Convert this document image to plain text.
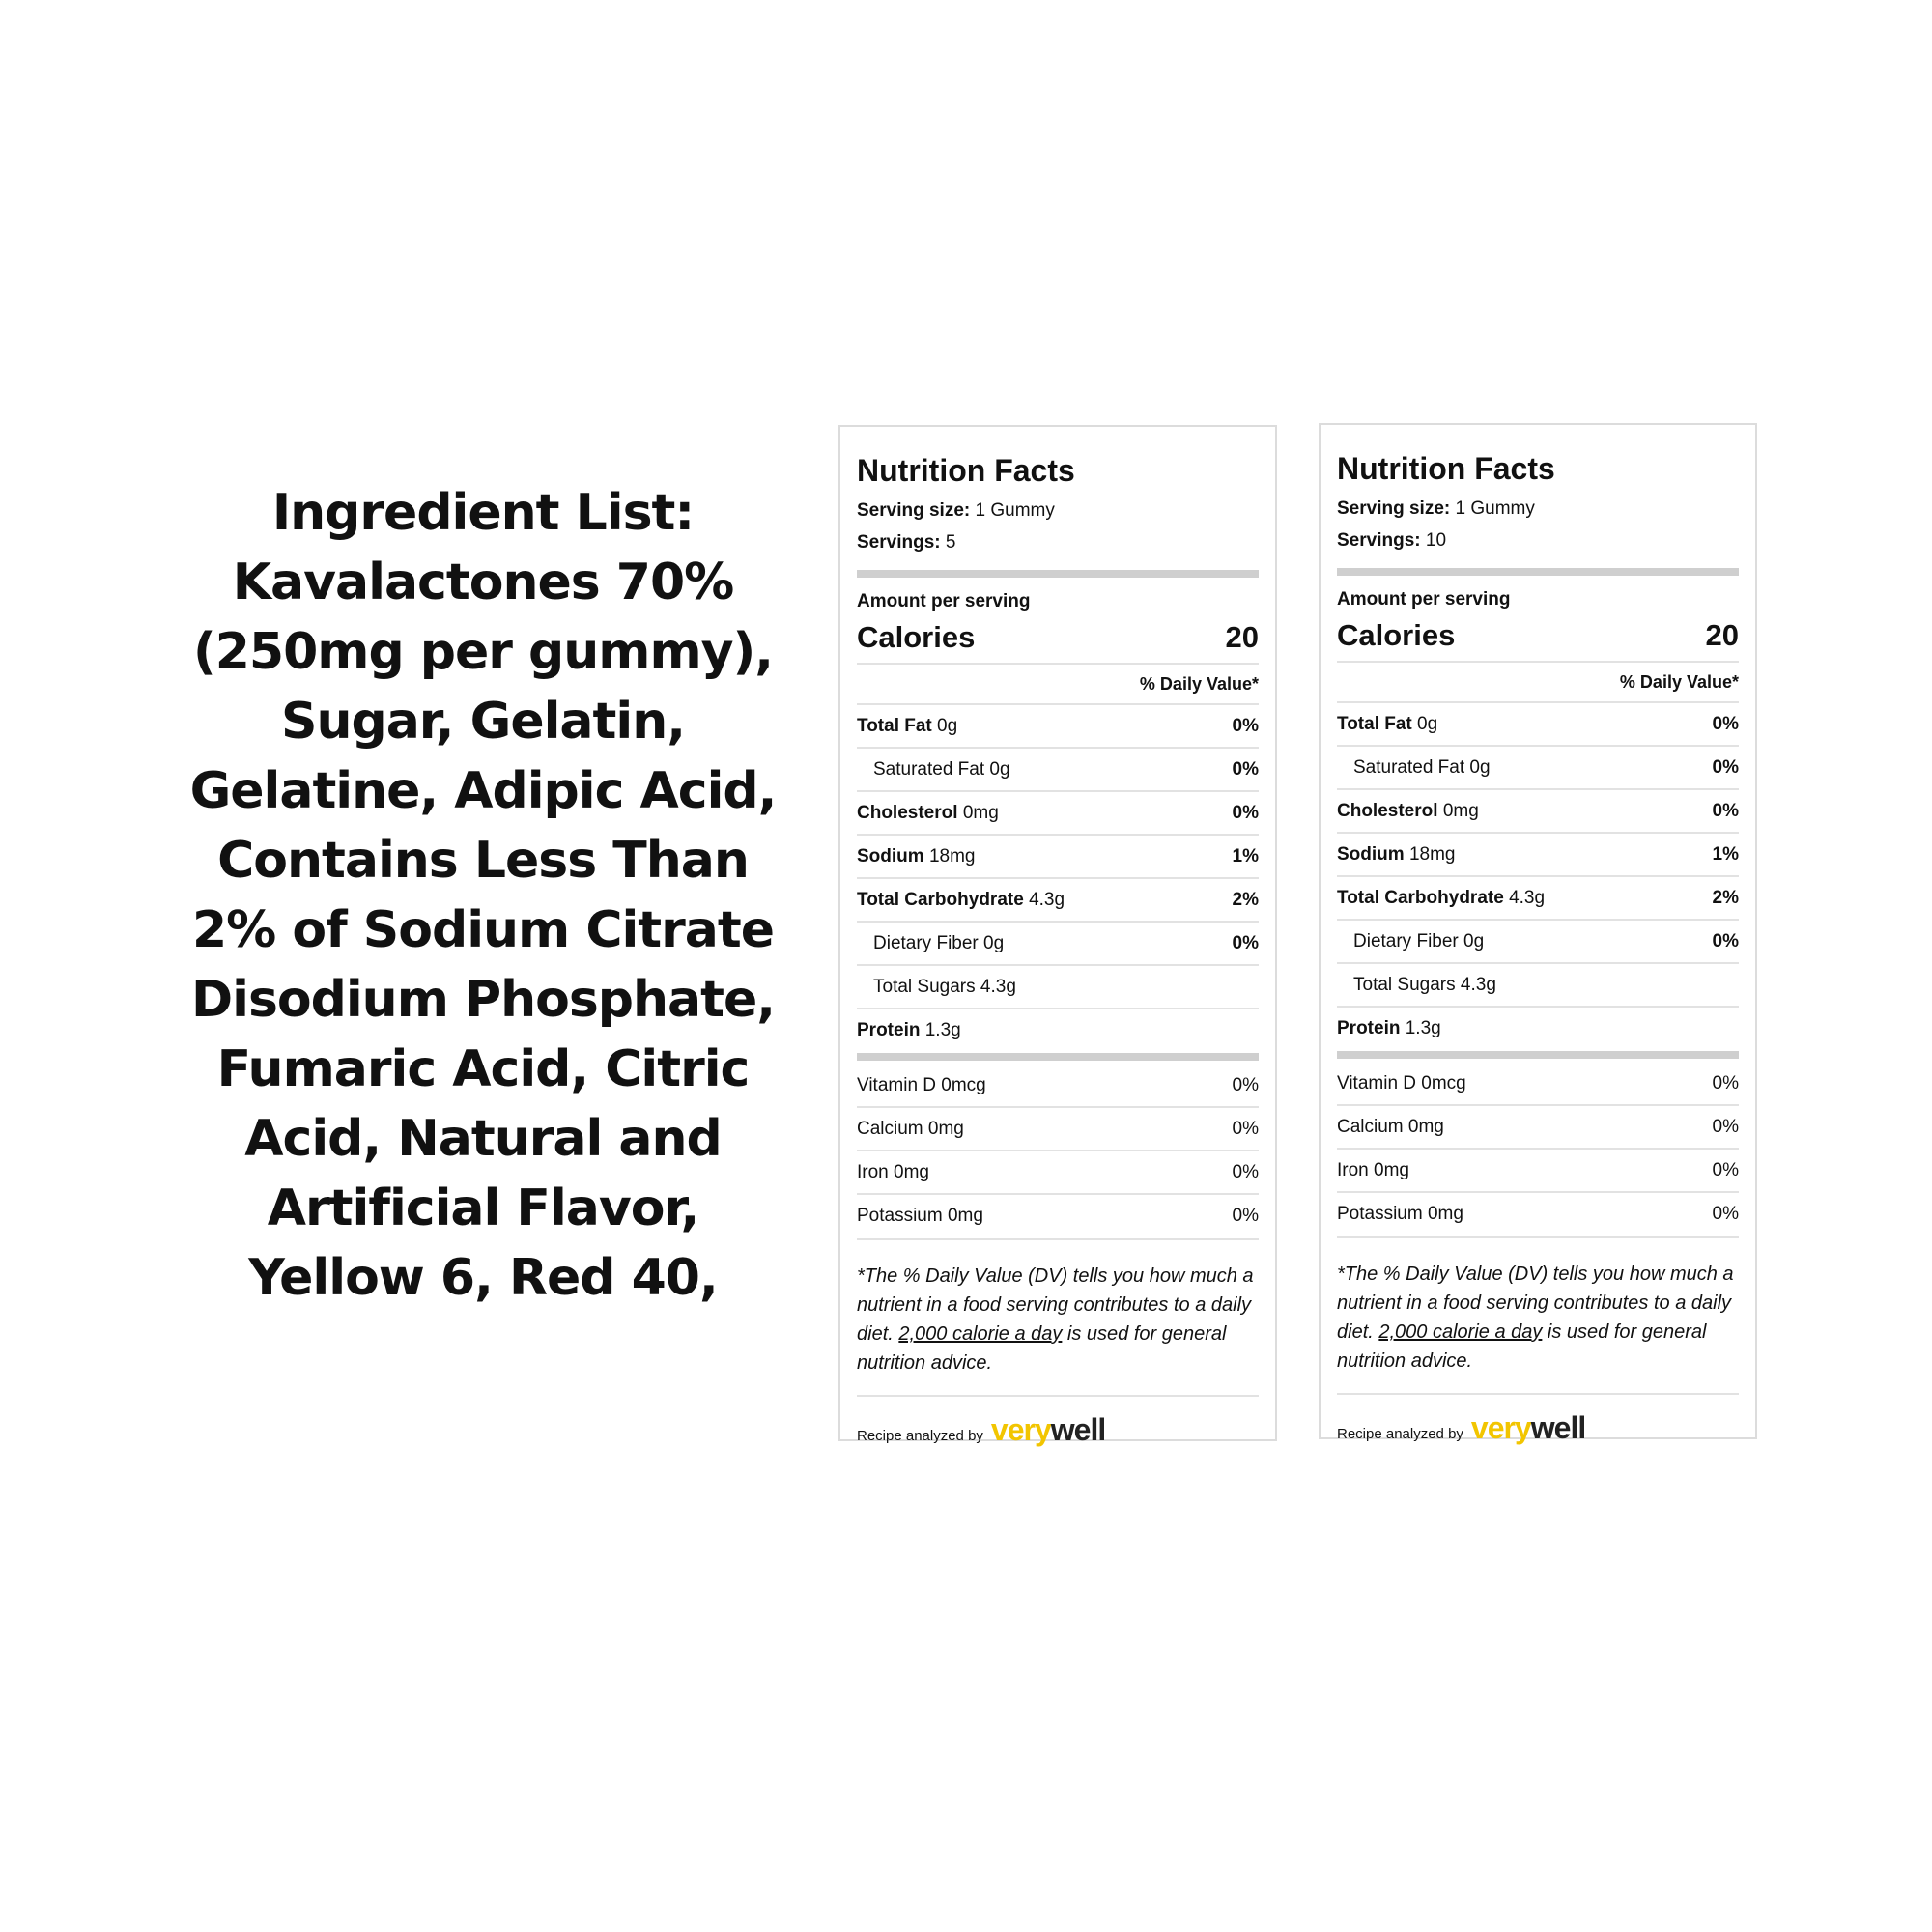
Ingredient List:
Kavalactones 70%
(250mg per gummy),
Sugar, Gelatin,
Gelatine, Adipic Acid,
Contains Less Than
2% of Sodium Citrate
Disodium Phosphate,
Fumaric Acid, Citric
Acid, Natural and
Artificial Flavor,
Yellow 6, Red 40,
Nutrition Facts
Serving size: 1 Gummy
Servings: 5
Amount per serving
Calories	20
% Daily Value*
Total Fat 0g	0%
Saturated Fat 0g	0%
Cholesterol 0mg	0%
Sodium 18mg	1%
Total Carbohydrate 4.3g	2%
Dietary Fiber 0g	0%
Total Sugars 4.3g
Protein 1.3g
Vitamin D 0mcg	0%
Calcium 0mg	0%
Iron 0mg	0%
Potassium 0mg	0%
*The % Daily Value (DV) tells you how much a nutrient in a food serving contributes to a daily diet. 2,000 calorie a day is used for general nutrition advice.
Recipe analyzed by verywell
Nutrition Facts
Serving size: 1 Gummy
Servings: 10
Amount per serving
Calories	20
% Daily Value*
Total Fat 0g	0%
Saturated Fat 0g	0%
Cholesterol 0mg	0%
Sodium 18mg	1%
Total Carbohydrate 4.3g	2%
Dietary Fiber 0g	0%
Total Sugars 4.3g
Protein 1.3g
Vitamin D 0mcg	0%
Calcium 0mg	0%
Iron 0mg	0%
Potassium 0mg	0%
*The % Daily Value (DV) tells you how much a nutrient in a food serving contributes to a daily diet. 2,000 calorie a day is used for general nutrition advice.
Recipe analyzed by verywell
